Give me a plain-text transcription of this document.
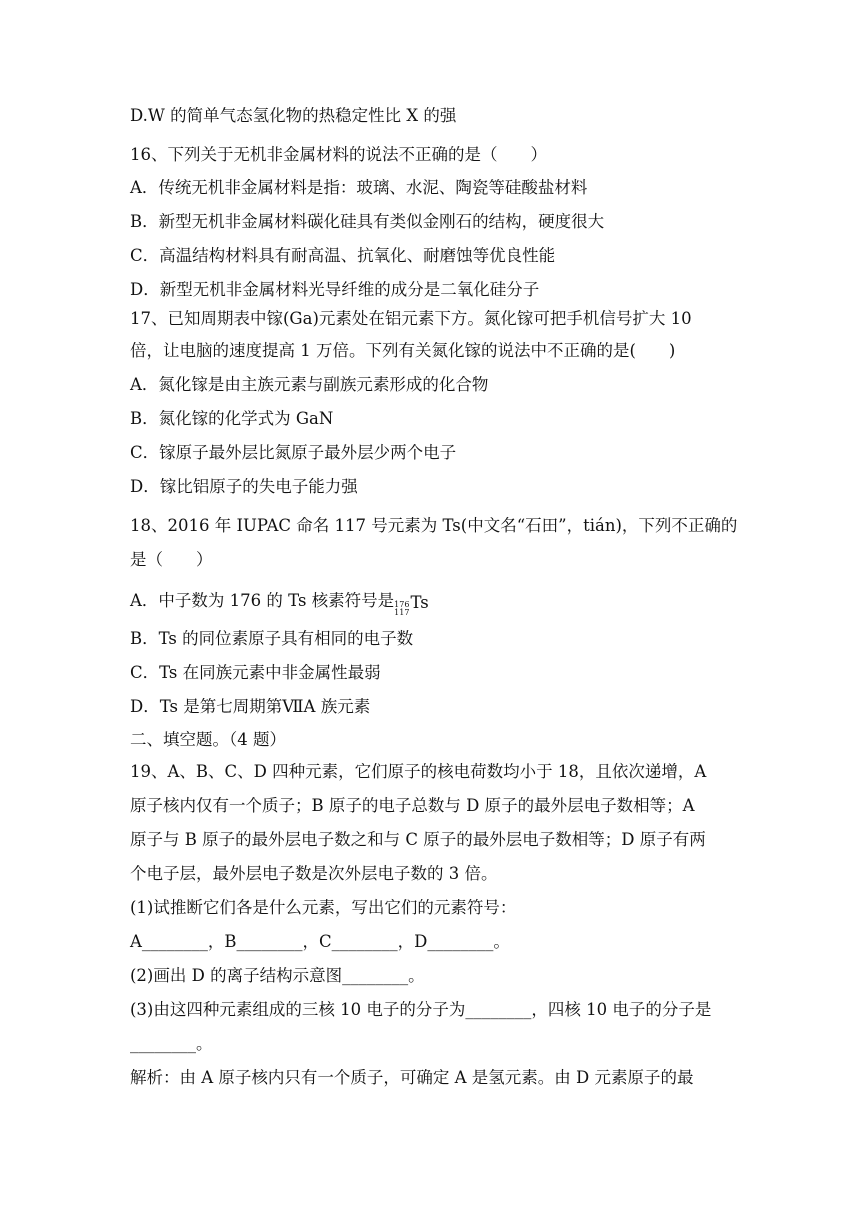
D.W 的简单气态氢化物的热稳定性比 X 的强
16、下列关于无机非金属材料的说法不正确的是（　　）
A．传统无机非金属材料是指：玻璃、水泥、陶瓷等硅酸盐材料
B．新型无机非金属材料碳化硅具有类似金刚石的结构，硬度很大
C．高温结构材料具有耐高温、抗氧化、耐磨蚀等优良性能
D．新型无机非金属材料光导纤维的成分是二氧化硅分子
17、已知周期表中镓(Ga)元素处在铝元素下方。氮化镓可把手机信号扩大 10
倍，让电脑的速度提高 1 万倍。下列有关氮化镓的说法中不正确的是(　　)
A．氮化镓是由主族元素与副族元素形成的化合物
B．氮化镓的化学式为 GaN
C．镓原子最外层比氮原子最外层少两个电子
D．镓比铝原子的失电子能力强
18、2016 年 IUPAC 命名 117 号元素为 Ts(中文名“石田”，tián)，下列不正确的
是（　　）
A．中子数为 176 的 Ts 核素符号是 176
117
Ts
B．Ts 的同位素原子具有相同的电子数
C．Ts 在同族元素中非金属性最弱
D．Ts 是第七周期第ⅦA 族元素
二、填空题。（4 题）
19、A、B、C、D 四种元素，它们原子的核电荷数均小于 18，且依次递增，A
原子核内仅有一个质子；B 原子的电子总数与 D 原子的最外层电子数相等；A
原子与 B 原子的最外层电子数之和与 C 原子的最外层电子数相等；D 原子有两
个电子层，最外层电子数是次外层电子数的 3 倍。
(1)试推断它们各是什么元素，写出它们的元素符号：
A________，B________，C________，D________。
(2)画出 D 的离子结构示意图________。
(3)由这四种元素组成的三核 10 电子的分子为________，四核 10 电子的分子是
________。
解析：由 A 原子核内只有一个质子，可确定 A 是氢元素。由 D 元素原子的最
